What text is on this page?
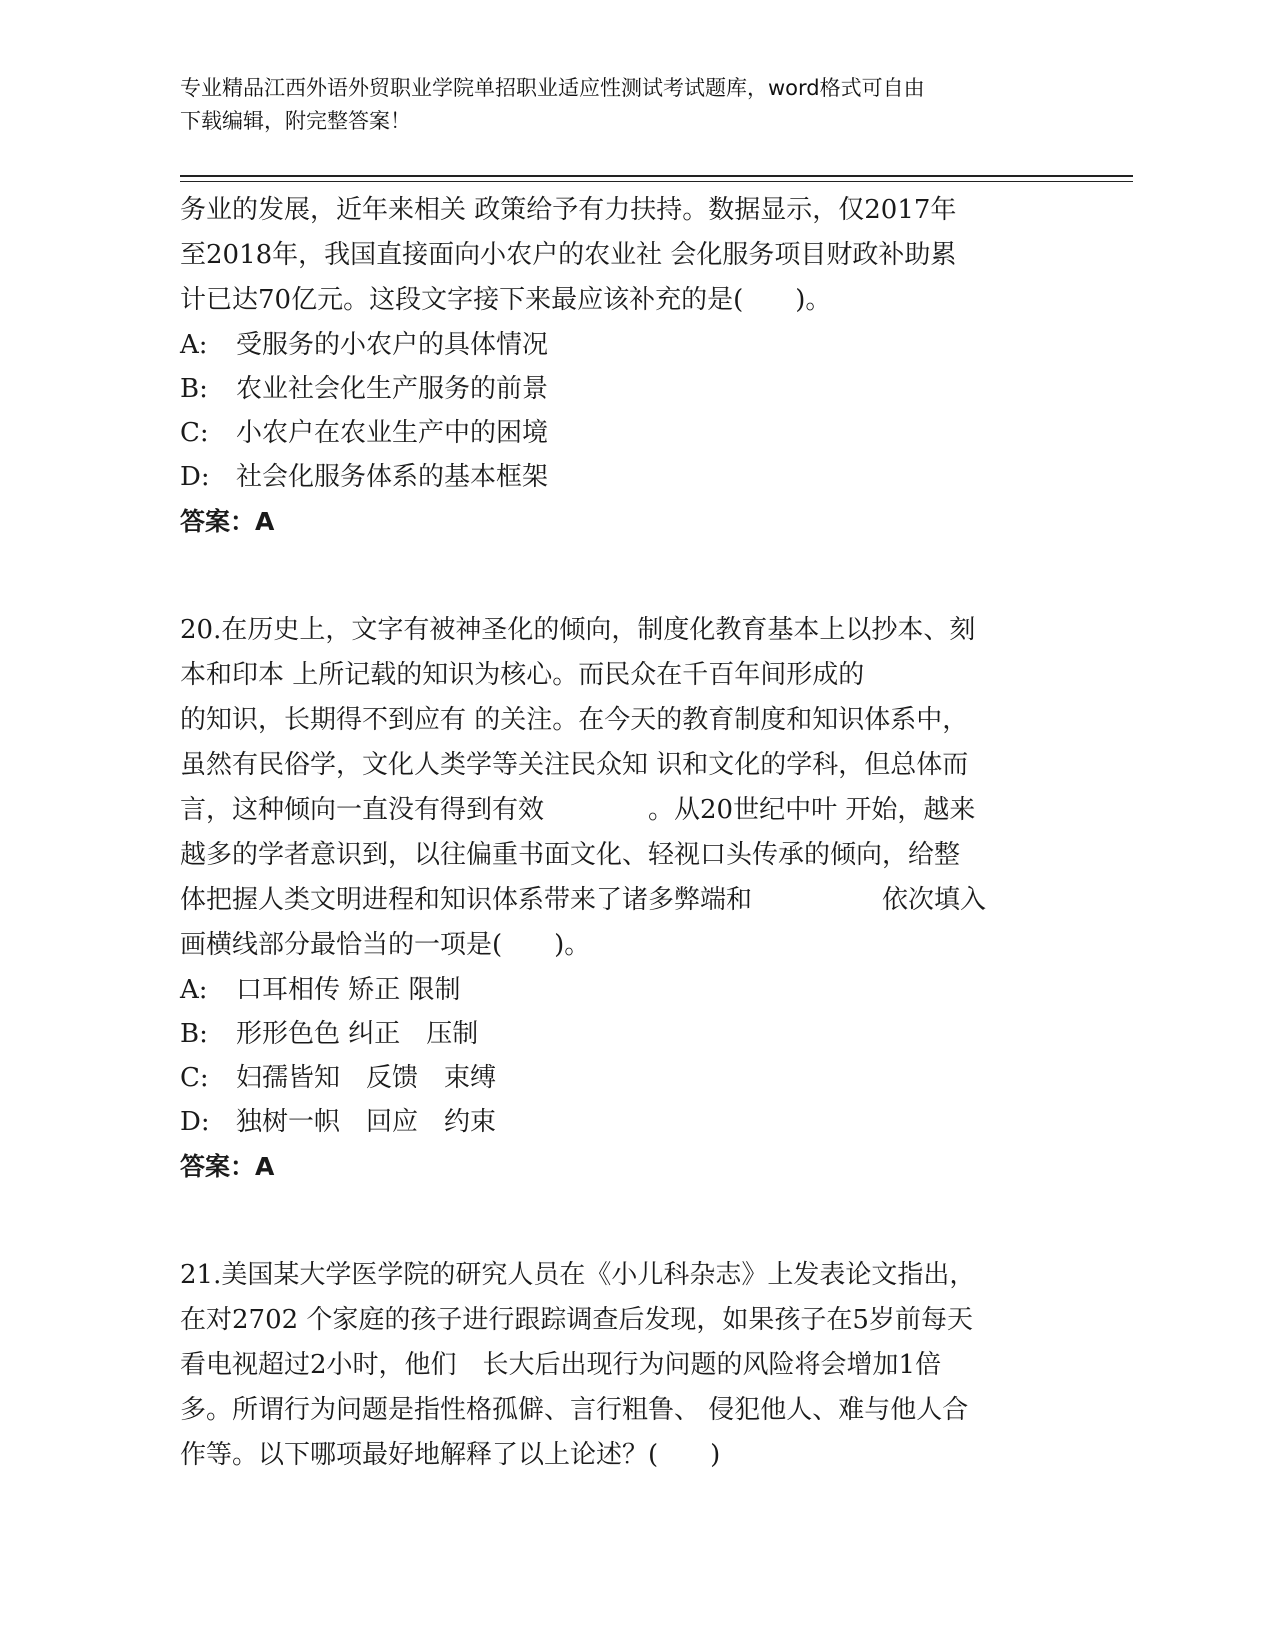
专业精品江西外语外贸职业学院单招职业适应性测试考试题库，word格式可自由
下载编辑，附完整答案！
务业的发展，近年来相关 政策给予有力扶持。数据显示，仅2017年
至2018年，我国直接面向小农户的农业社 会化服务项目财政补助累
计已达70亿元。这段文字接下来最应该补充的是(　　)。
A: 受服务的小农户的具体情况
B: 农业社会化生产服务的前景
C: 小农户在农业生产中的困境
D: 社会化服务体系的基本框架
答案：A
20.在历史上，文字有被神圣化的倾向，制度化教育基本上以抄本、刻
本和印本 上所记载的知识为核心。而民众在千百年间形成的
的知识，长期得不到应有 的关注。在今天的教育制度和知识体系中，
虽然有民俗学，文化人类学等关注民众知 识和文化的学科，但总体而
言，这种倾向一直没有得到有效　　　　。从20世纪中叶 开始，越来
越多的学者意识到，以往偏重书面文化、轻视口头传承的倾向，给整
体把握人类文明进程和知识体系带来了诸多弊端和　　　　　依次填入
画横线部分最恰当的一项是(　　)。
A: 口耳相传 矫正 限制
B: 形形色色 纠正　压制
C: 妇孺皆知　反馈　束缚
D: 独树一帜　回应　约束
答案：A
21.美国某大学医学院的研究人员在《小儿科杂志》上发表论文指出，
在对2702 个家庭的孩子进行跟踪调查后发现，如果孩子在5岁前每天
看电视超过2小时，他们　长大后出现行为问题的风险将会增加1倍
多。所谓行为问题是指性格孤僻、言行粗鲁、 侵犯他人、难与他人合
作等。以下哪项最好地解释了以上论述？(　　)
